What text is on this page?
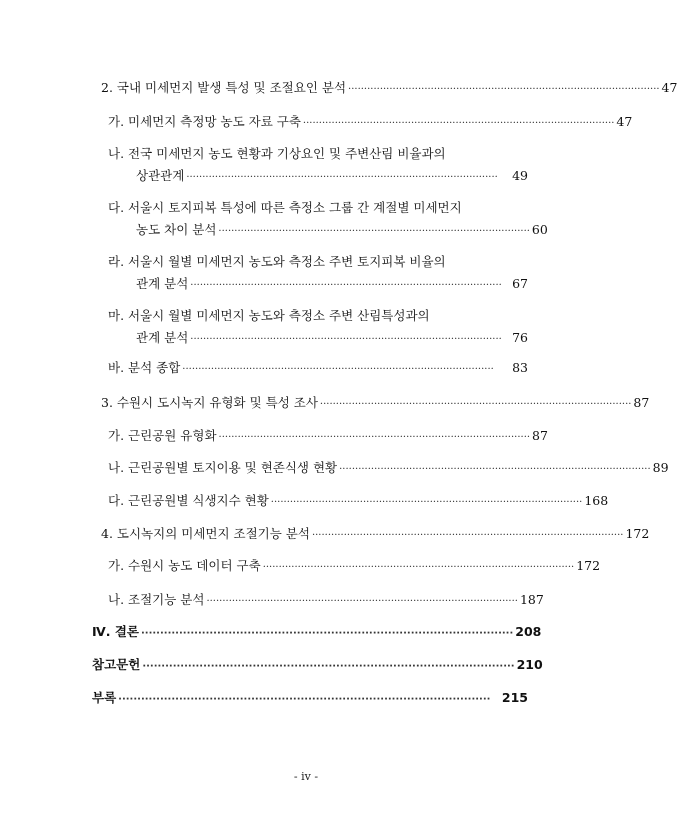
2. 국내 미세먼지 발생 특성 및 조절요인 분석 ·································································································· 47
가. 미세먼지 측정망 농도 자료 구축 ·································································································· 47
나. 전국 미세먼지 농도 현황과 기상요인 및 주변산림 비율과의
상관관계 ··································································································	49
다. 서울시 토지피복 특성에 따른 측정소 그룹 간 계절별 미세먼지
농도 차이 분석 ·································································································· 60
라. 서울시 월별 미세먼지 농도와 측정소 주변 토지피복 비율의
관계 분석 ·································································································· 67
마. 서울시 월별 미세먼지 농도와 측정소 주변 산림특성과의
관계 분석 ·································································································· 76
바. 분석 종합 ··································································································	83
3. 수원시 도시녹지 유형화 및 특성 조사 ·································································································· 87
가. 근린공원 유형화 ·································································································· 87
나. 근린공원별 토지이용 및 현존식생 현황 ·································································································· 89
다. 근린공원별 식생지수 현황 ·································································································· 168
4. 도시녹지의 미세먼지 조절기능 분석 ·································································································· 172
가. 수원시 농도 데이터 구축 ·································································································· 172
나. 조절기능 분석 ·································································································· 187
Ⅳ. 결론 ·································································································· 208
참고문헌 ·································································································· 210
부록 ·································································································· 215
- iv -
